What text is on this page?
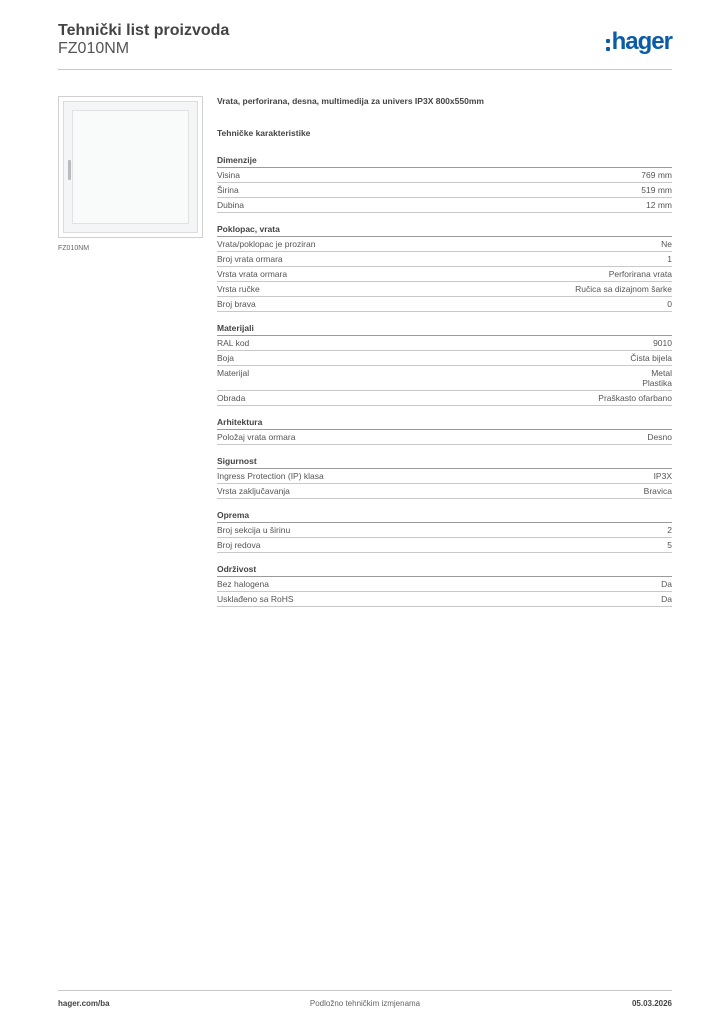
Tehnički list proizvoda
FZ010NM	hager
FZ010NM
Vrata, perforirana, desna, multimedija za univers IP3X 800x550mm
Tehničke karakteristike
Dimenzije
Visina	769 mm
Širina	519 mm
Dubina	12 mm
Poklopac, vrata
Vrata/poklopac je proziran	Ne
Broj vrata ormara	1
Vrsta vrata ormara	Perforirana vrata
Vrsta ručke	Ručica sa dizajnom šarke
Broj brava	0
Materijali
RAL kod	9010
Boja	Čista bijela
Materijal	Metal
Plastika
Obrada	Praškasto ofarbano
Arhitektura
Položaj vrata ormara	Desno
Sigurnost
Ingress Protection (IP) klasa	IP3X
Vrsta zaključavanja	Bravica
Oprema
Broj sekcija u širinu	2
Broj redova	5
Održivost
Bez halogena	Da
Usklađeno sa RoHS	Da
hager.com/ba	Podložno tehničkim izmjenama	05.03.2026
